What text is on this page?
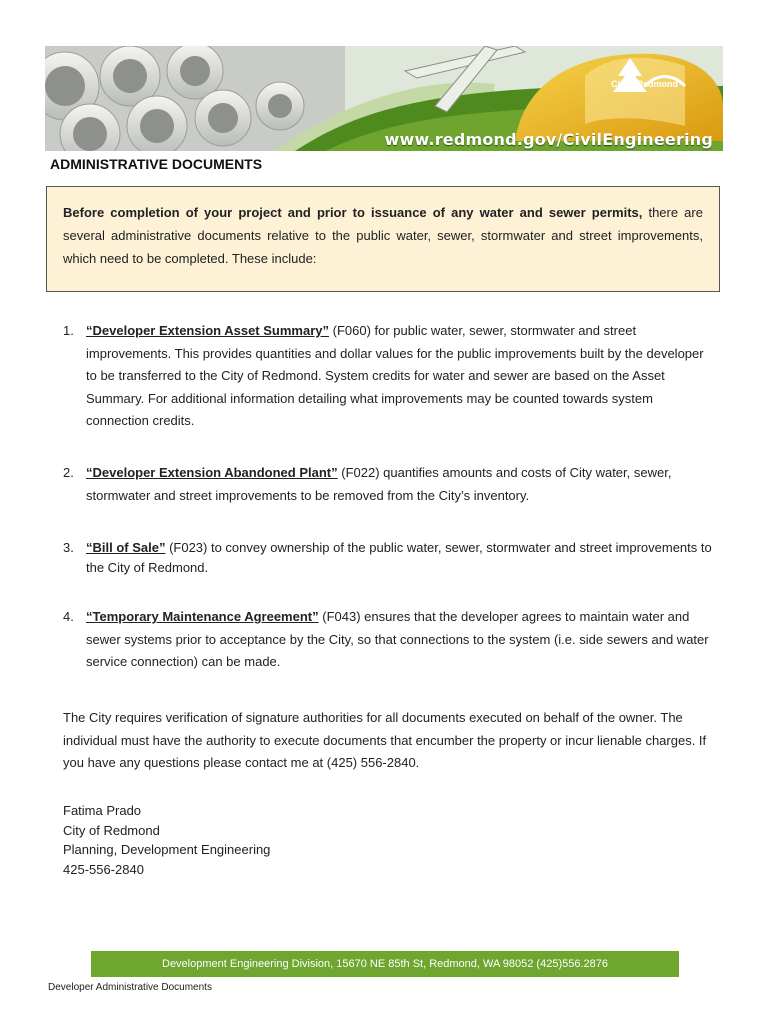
CityofRedmond
www.redmond.gov/CivilEngineering
ADMINISTRATIVE DOCUMENTS
Before completion of your project and prior to issuance of any water and sewer permits, there are several administrative documents relative to the public water, sewer, stormwater and street improvements, which need to be completed. These include:
1. “Developer Extension Asset Summary” (F060) for public water, sewer, stormwater and street improvements. This provides quantities and dollar values for the public improvements built by the developer to be transferred to the City of Redmond. System credits for water and sewer are based on the Asset Summary. For additional information detailing what improvements may be counted towards system connection credits.
2. “Developer Extension Abandoned Plant” (F022) quantifies amounts and costs of City water, sewer, stormwater and street improvements to be removed from the City’s inventory.
3. “Bill of Sale” (F023) to convey ownership of the public water, sewer, stormwater and street improvements to the City of Redmond.
4. “Temporary Maintenance Agreement” (F043) ensures that the developer agrees to maintain water and sewer systems prior to acceptance by the City, so that connections to the system (i.e. side sewers and water service connection) can be made.
The City requires verification of signature authorities for all documents executed on behalf of the owner. The individual must have the authority to execute documents that encumber the property or incur lienable charges. If you have any questions please contact me at (425) 556-2840.
Fatima Prado
City of Redmond
Planning, Development Engineering
425-556-2840
Development Engineering Division, 15670 NE 85th St, Redmond, WA 98052 (425)556.2876
Developer Administrative Documents
